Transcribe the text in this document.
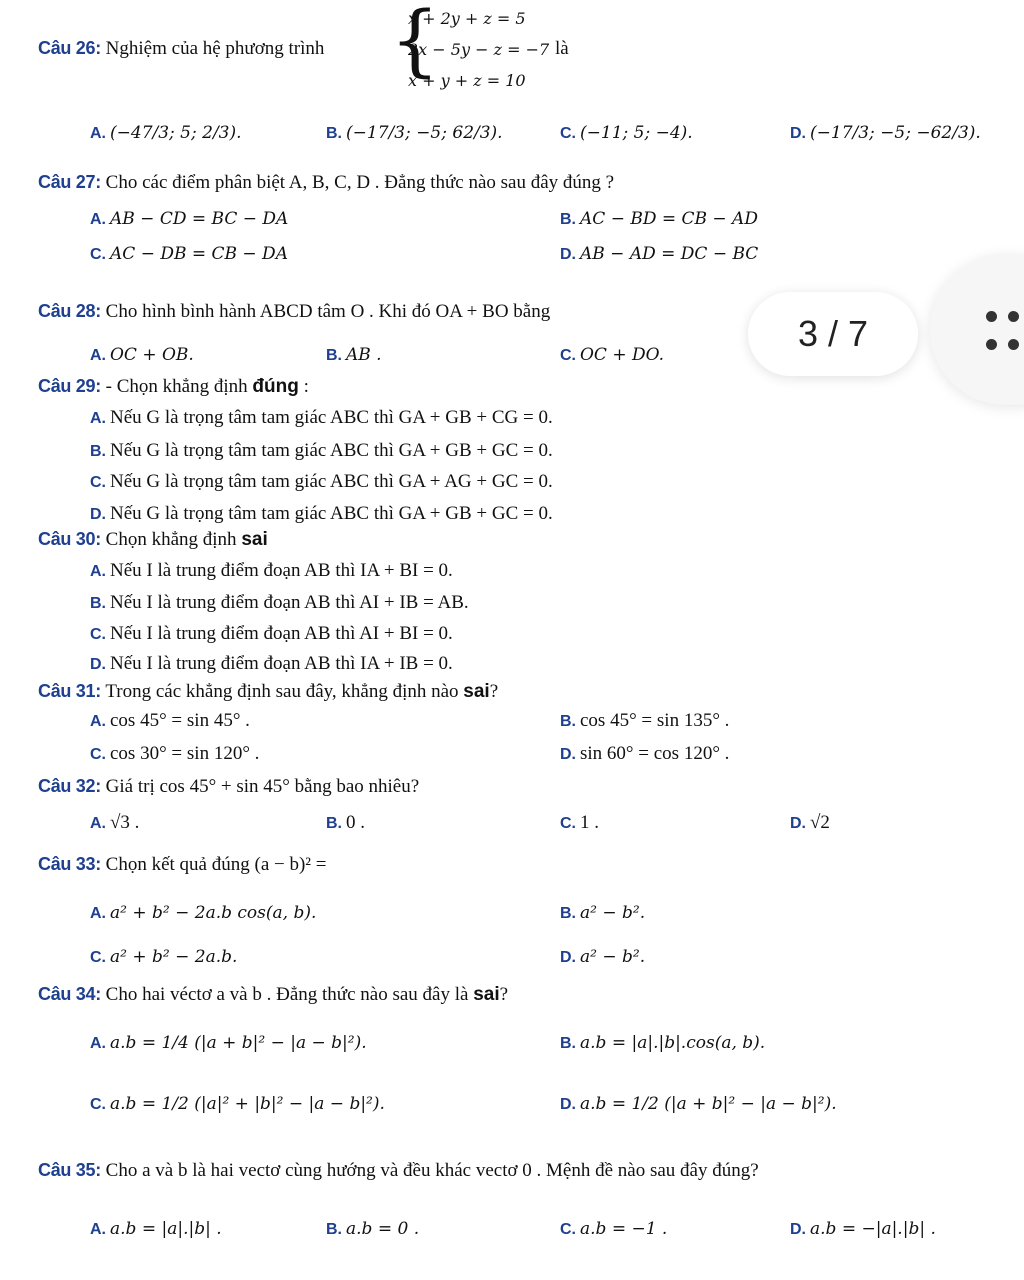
Câu 26: Nghiệm của hệ phương trình {
x + 2y + z = 5
2x − 5y − z = −7
x + y + z = 10
là
A. (−47/3; 5; 2/3).	B. (−17/3; −5; 62/3).	C. (−11; 5; −4).	D. (−17/3; −5; −62/3).
Câu 27: Cho các điểm phân biệt A, B, C, D . Đẳng thức nào sau đây đúng ?
A. AB − CD = BC − DA	B. AC − BD = CB − AD
C. AC − DB = CB − DA	D. AB − AD = DC − BC
Câu 28: Cho hình bình hành ABCD tâm O . Khi đó OA + BO bằng
A. OC + OB.	B. AB .	C. OC + DO.
Câu 29: - Chọn khẳng định đúng :
A. Nếu G là trọng tâm tam giác ABC thì GA + GB + CG = 0.
B. Nếu G là trọng tâm tam giác ABC thì GA + GB + GC = 0.
C. Nếu G là trọng tâm tam giác ABC thì GA + AG + GC = 0.
D. Nếu G là trọng tâm tam giác ABC thì GA + GB + GC = 0.
Câu 30: Chọn khẳng định sai
A. Nếu I là trung điểm đoạn AB thì IA + BI = 0.
B. Nếu I là trung điểm đoạn AB thì AI + IB = AB.
C. Nếu I là trung điểm đoạn AB thì AI + BI = 0.
D. Nếu I là trung điểm đoạn AB thì IA + IB = 0.
Câu 31: Trong các khẳng định sau đây, khẳng định nào sai?
A. cos 45° = sin 45° .	B. cos 45° = sin 135° .
C. cos 30° = sin 120° .	D. sin 60° = cos 120° .
Câu 32: Giá trị cos 45° + sin 45° bằng bao nhiêu?
A. √3 .	B. 0 .	C. 1 .	D. √2
Câu 33: Chọn kết quả đúng (a − b)² =
A. a² + b² − 2a.b cos(a, b).	B. a² − b².
C. a² + b² − 2a.b.	D. a² − b².
Câu 34: Cho hai véctơ a và b . Đẳng thức nào sau đây là sai?
A. a.b = 1/4 (|a + b|² − |a − b|²).	B. a.b = |a|.|b|.cos(a, b).
C. a.b = 1/2 (|a|² + |b|² − |a − b|²).	D. a.b = 1/2 (|a + b|² − |a − b|²).
Câu 35: Cho a và b là hai vectơ cùng hướng và đều khác vectơ 0 . Mệnh đề nào sau đây đúng?
A. a.b = |a|.|b| .	B. a.b = 0 .	C. a.b = −1 .	D. a.b = −|a|.|b| .
3 / 7
